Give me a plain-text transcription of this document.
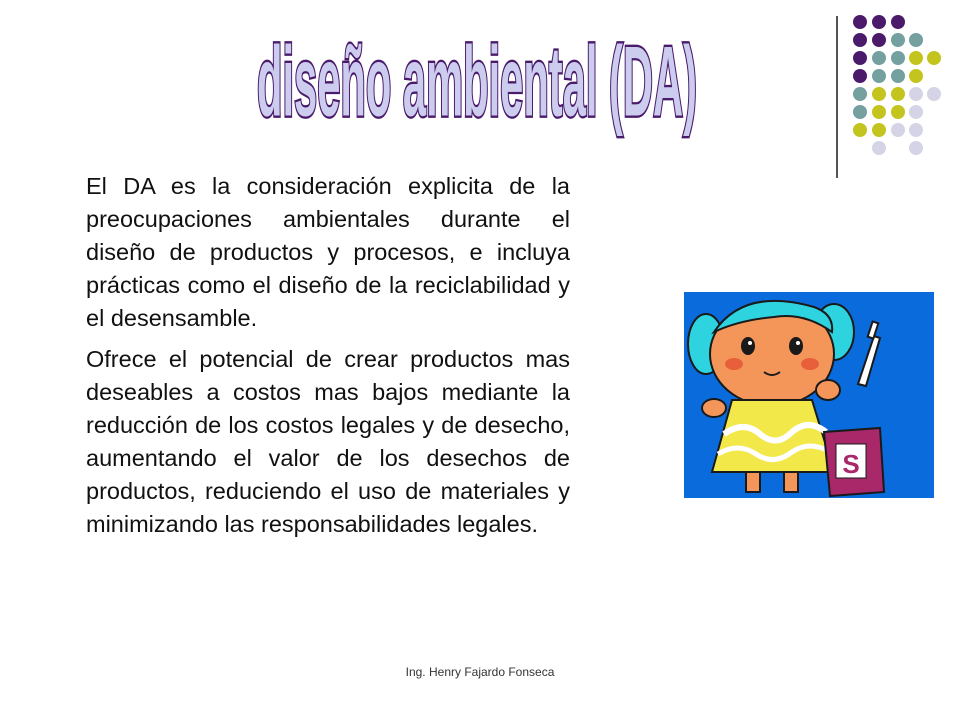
diseño ambiental (DA)

El DA es la consideración explicita de la preocupaciones ambientales durante el diseño de productos y procesos, e incluya prácticas como el diseño de la reciclabilidad y el desensamble.

Ofrece el potencial de crear productos mas deseables a costos mas bajos mediante la reducción de los costos legales y de desecho, aumentando el valor de los desechos de productos, reduciendo el uso de materiales y minimizando las responsabilidades legales.

S
Ing. Henry Fajardo Fonseca
